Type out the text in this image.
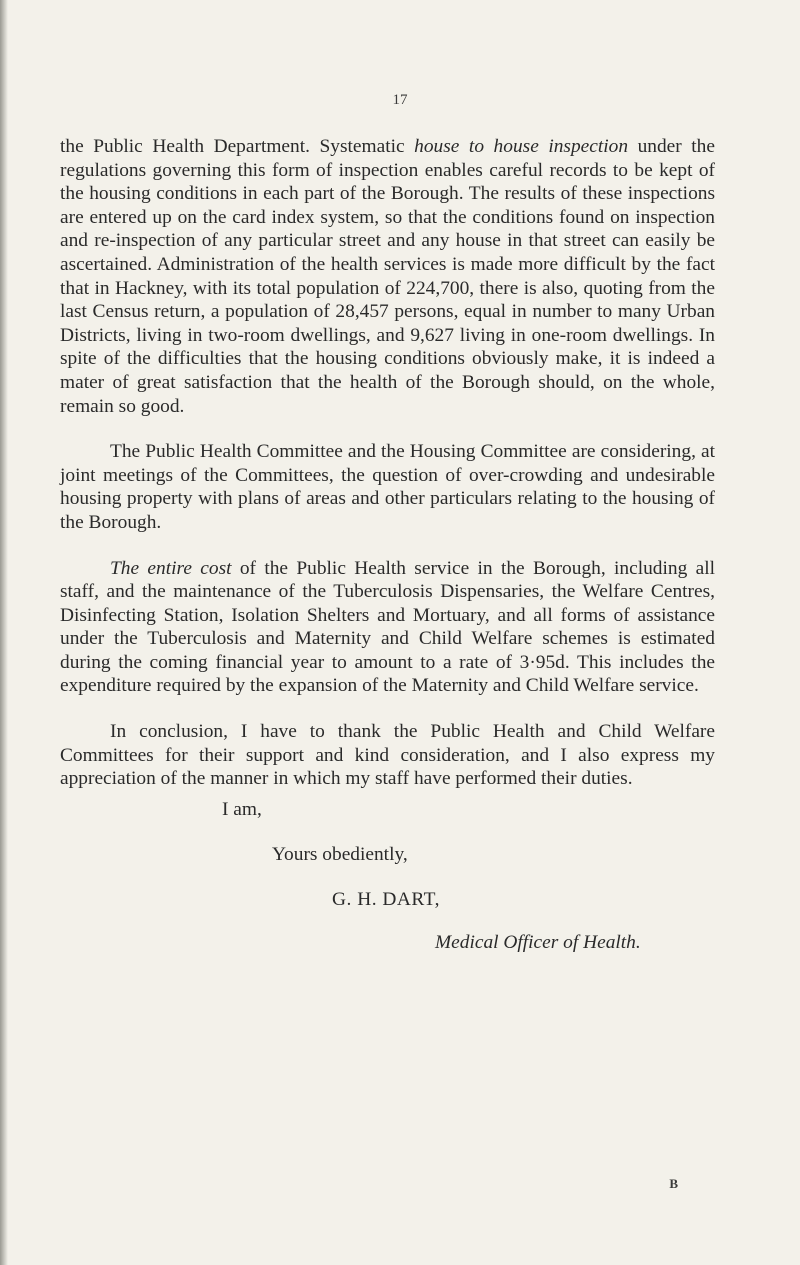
17

the Public Health Department. Systematic house to house inspection under the regulations governing this form of inspection enables careful records to be kept of the housing conditions in each part of the Borough. The results of these inspections are entered up on the card index system, so that the conditions found on inspection and re-inspection of any particular street and any house in that street can easily be ascertained. Administration of the health services is made more difficult by the fact that in Hackney, with its total population of 224,700, there is also, quoting from the last Census return, a population of 28,457 persons, equal in number to many Urban Districts, living in two-room dwellings, and 9,627 living in one-room dwellings. In spite of the difficulties that the housing conditions obviously make, it is indeed a mater of great satisfaction that the health of the Borough should, on the whole, remain so good.

The Public Health Committee and the Housing Committee are considering, at joint meetings of the Committees, the question of over-crowding and undesirable housing property with plans of areas and other particulars relating to the housing of the Borough.

The entire cost of the Public Health service in the Borough, including all staff, and the maintenance of the Tuberculosis Dispensaries, the Welfare Centres, Disinfecting Station, Isolation Shelters and Mortuary, and all forms of assistance under the Tuberculosis and Maternity and Child Welfare schemes is estimated during the coming financial year to amount to a rate of 3·95d. This includes the expenditure required by the expansion of the Maternity and Child Welfare service.

In conclusion, I have to thank the Public Health and Child Welfare Committees for their support and kind consideration, and I also express my appreciation of the manner in which my staff have performed their duties.

I am,
Yours obediently,
G. H. DART,
Medical Officer of Health.
B
